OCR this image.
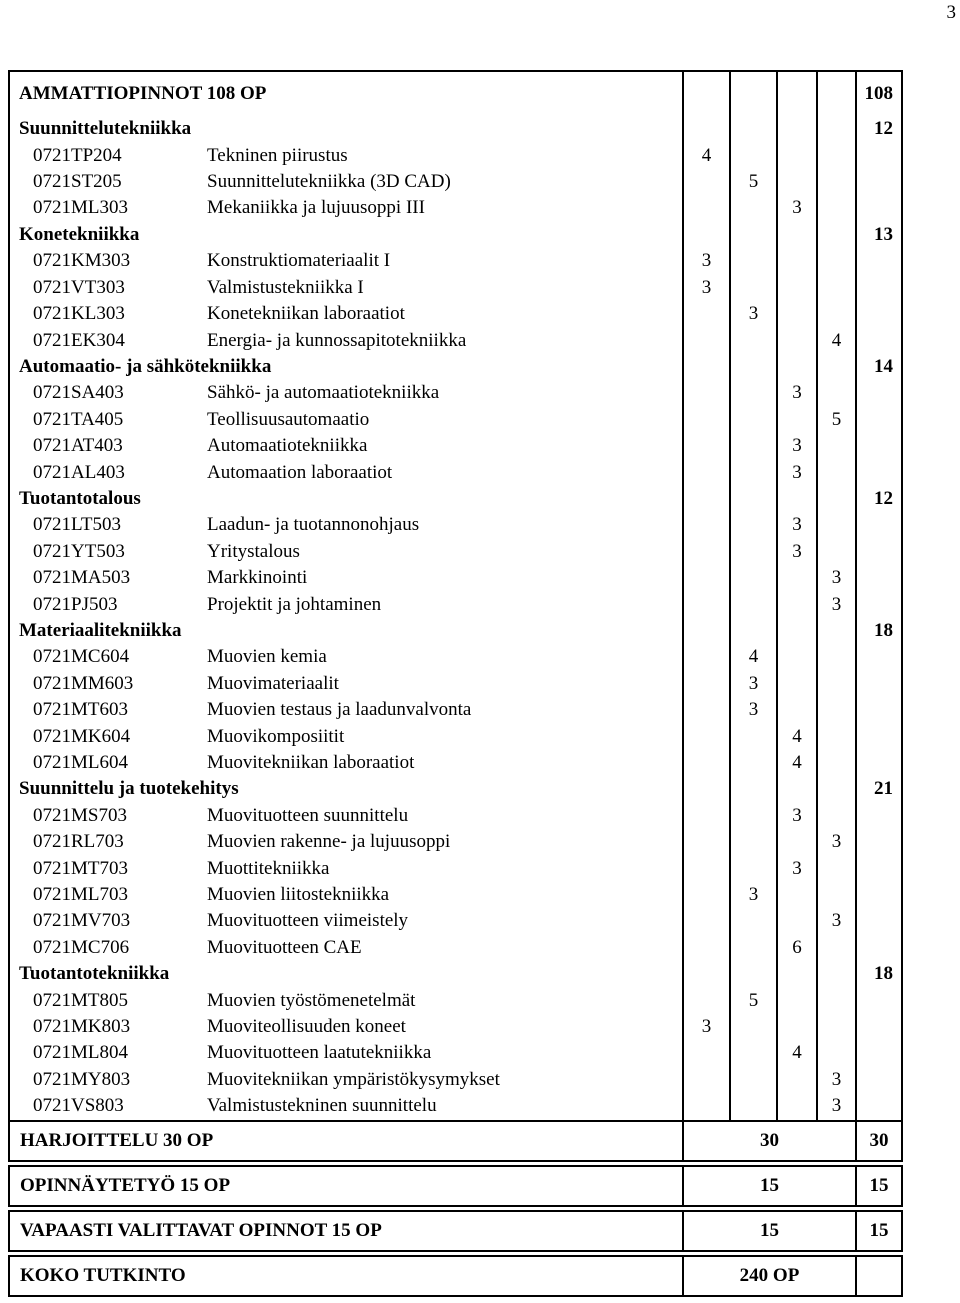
3
AMMATTIOPINNOT 108 OP					108
Suunnittelutekniikka					12
0721TP204 Tekninen piirustus	4				
0721ST205 Suunnittelutekniikka (3D CAD)		5			
0721ML303 Mekaniikka ja lujuusoppi III			3		
Konetekniikka					13
0721KM303 Konstruktiomateriaalit I	3				
0721VT303 Valmistustekniikka I	3				
0721KL303 Konetekniikan laboraatiot		3			
0721EK304 Energia- ja kunnossapitotekniikka				4	
Automaatio- ja sähkötekniikka					14
0721SA403 Sähkö- ja automaatiotekniikka			3		
0721TA405 Teollisuusautomaatio				5	
0721AT403 Automaatiotekniikka			3		
0721AL403 Automaation laboraatiot			3		
Tuotantotalous					12
0721LT503 Laadun- ja tuotannonohjaus			3		
0721YT503 Yritystalous			3		
0721MA503 Markkinointi				3	
0721PJ503 Projektit ja johtaminen				3	
Materiaalitekniikka					18
0721MC604 Muovien kemia		4			
0721MM603 Muovimateriaalit		3			
0721MT603 Muovien testaus ja laadunvalvonta		3			
0721MK604 Muovikomposiitit			4		
0721ML604 Muovitekniikan laboraatiot			4		
Suunnittelu ja tuotekehitys					21
0721MS703 Muovituotteen suunnittelu			3		
0721RL703 Muovien rakenne- ja lujuusoppi				3	
0721MT703 Muottitekniikka			3		
0721ML703 Muovien liitostekniikka		3			
0721MV703 Muovituotteen viimeistely				3	
0721MC706 Muovituotteen CAE			6		
Tuotantotekniikka					18
0721MT805 Muovien työstömenetelmät		5			
0721MK803 Muoviteollisuuden koneet	3				
0721ML804 Muovituotteen laatutekniikka			4		
0721MY803 Muovitekniikan ympäristökysymykset				3	
0721VS803 Valmistustekninen suunnittelu				3	
HARJOITTELU 30 OP	30	30
OPINNÄYTETYÖ 15 OP	15	15
VAPAASTI VALITTAVAT OPINNOT 15 OP	15	15
KOKO TUTKINTO	240 OP	
